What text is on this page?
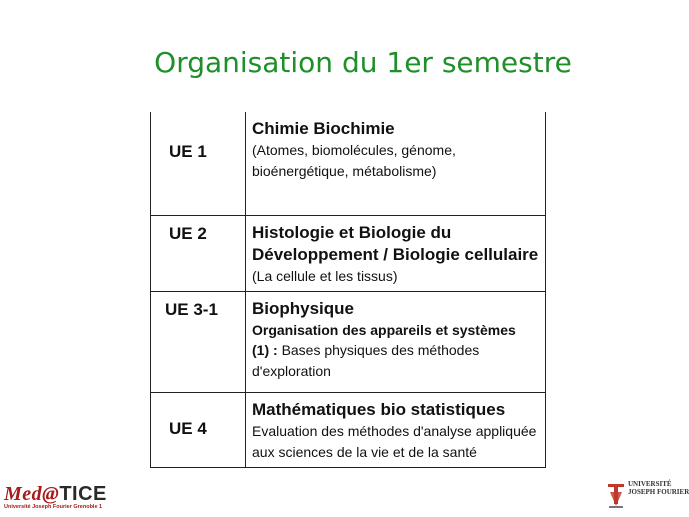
Organisation du 1er semestre
UE 1	Chimie Biochimie
(Atomes, biomolécules, génome,
bioénergétique, métabolisme)

UE 2	Histologie et Biologie du
Développement / Biologie cellulaire
(La cellule et les tissus)

UE 3-1	Biophysique
Organisation des appareils et systèmes
(1) : Bases physiques des méthodes
d'exploration

UE 4	Mathématiques bio statistiques
Evaluation des méthodes d'analyse appliquée
aux sciences de la vie et de la santé
Med@TICE
Université Joseph Fourier Grenoble 1
UNIVERSITÉ
JOSEPH FOURIER
